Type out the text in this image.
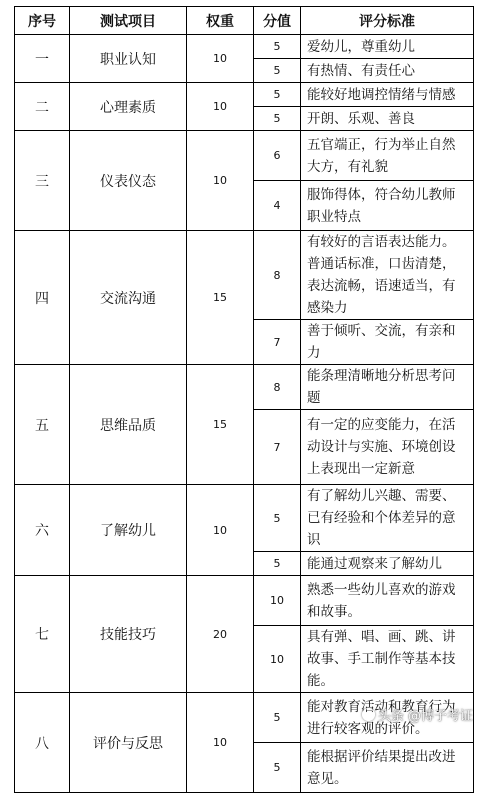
序号	测试项目	权重	分值	评分标准
一	职业认知	10	5	爱幼儿，尊重幼儿
			5	有热情、有责任心
二	心理素质	10	5	能较好地调控情绪与情感
			5	开朗、乐观、善良
三	仪表仪态	10	6	五官端正，行为举止自然大方，有礼貌
			4	服饰得体，符合幼儿教师职业特点
四	交流沟通	15	8	有较好的言语表达能力。普通话标准，口齿清楚，表达流畅，语速适当，有感染力
			7	善于倾听、交流，有亲和力
五	思维品质	15	8	能条理清晰地分析思考问题
			7	有一定的应变能力，在活动设计与实施、环境创设上表现出一定新意
六	了解幼儿	10	5	有了解幼儿兴趣、需要、已有经验和个体差异的意识
			5	能通过观察来了解幼儿
七	技能技巧	20	10	熟悉一些幼儿喜欢的游戏和故事。
			10	具有弹、唱、画、跳、讲故事、手工制作等基本技能。
八	评价与反思	10	5	能对教育活动和教育行为进行较客观的评价。
			5	能根据评价结果提出改进意见。
头条 @博子考证
